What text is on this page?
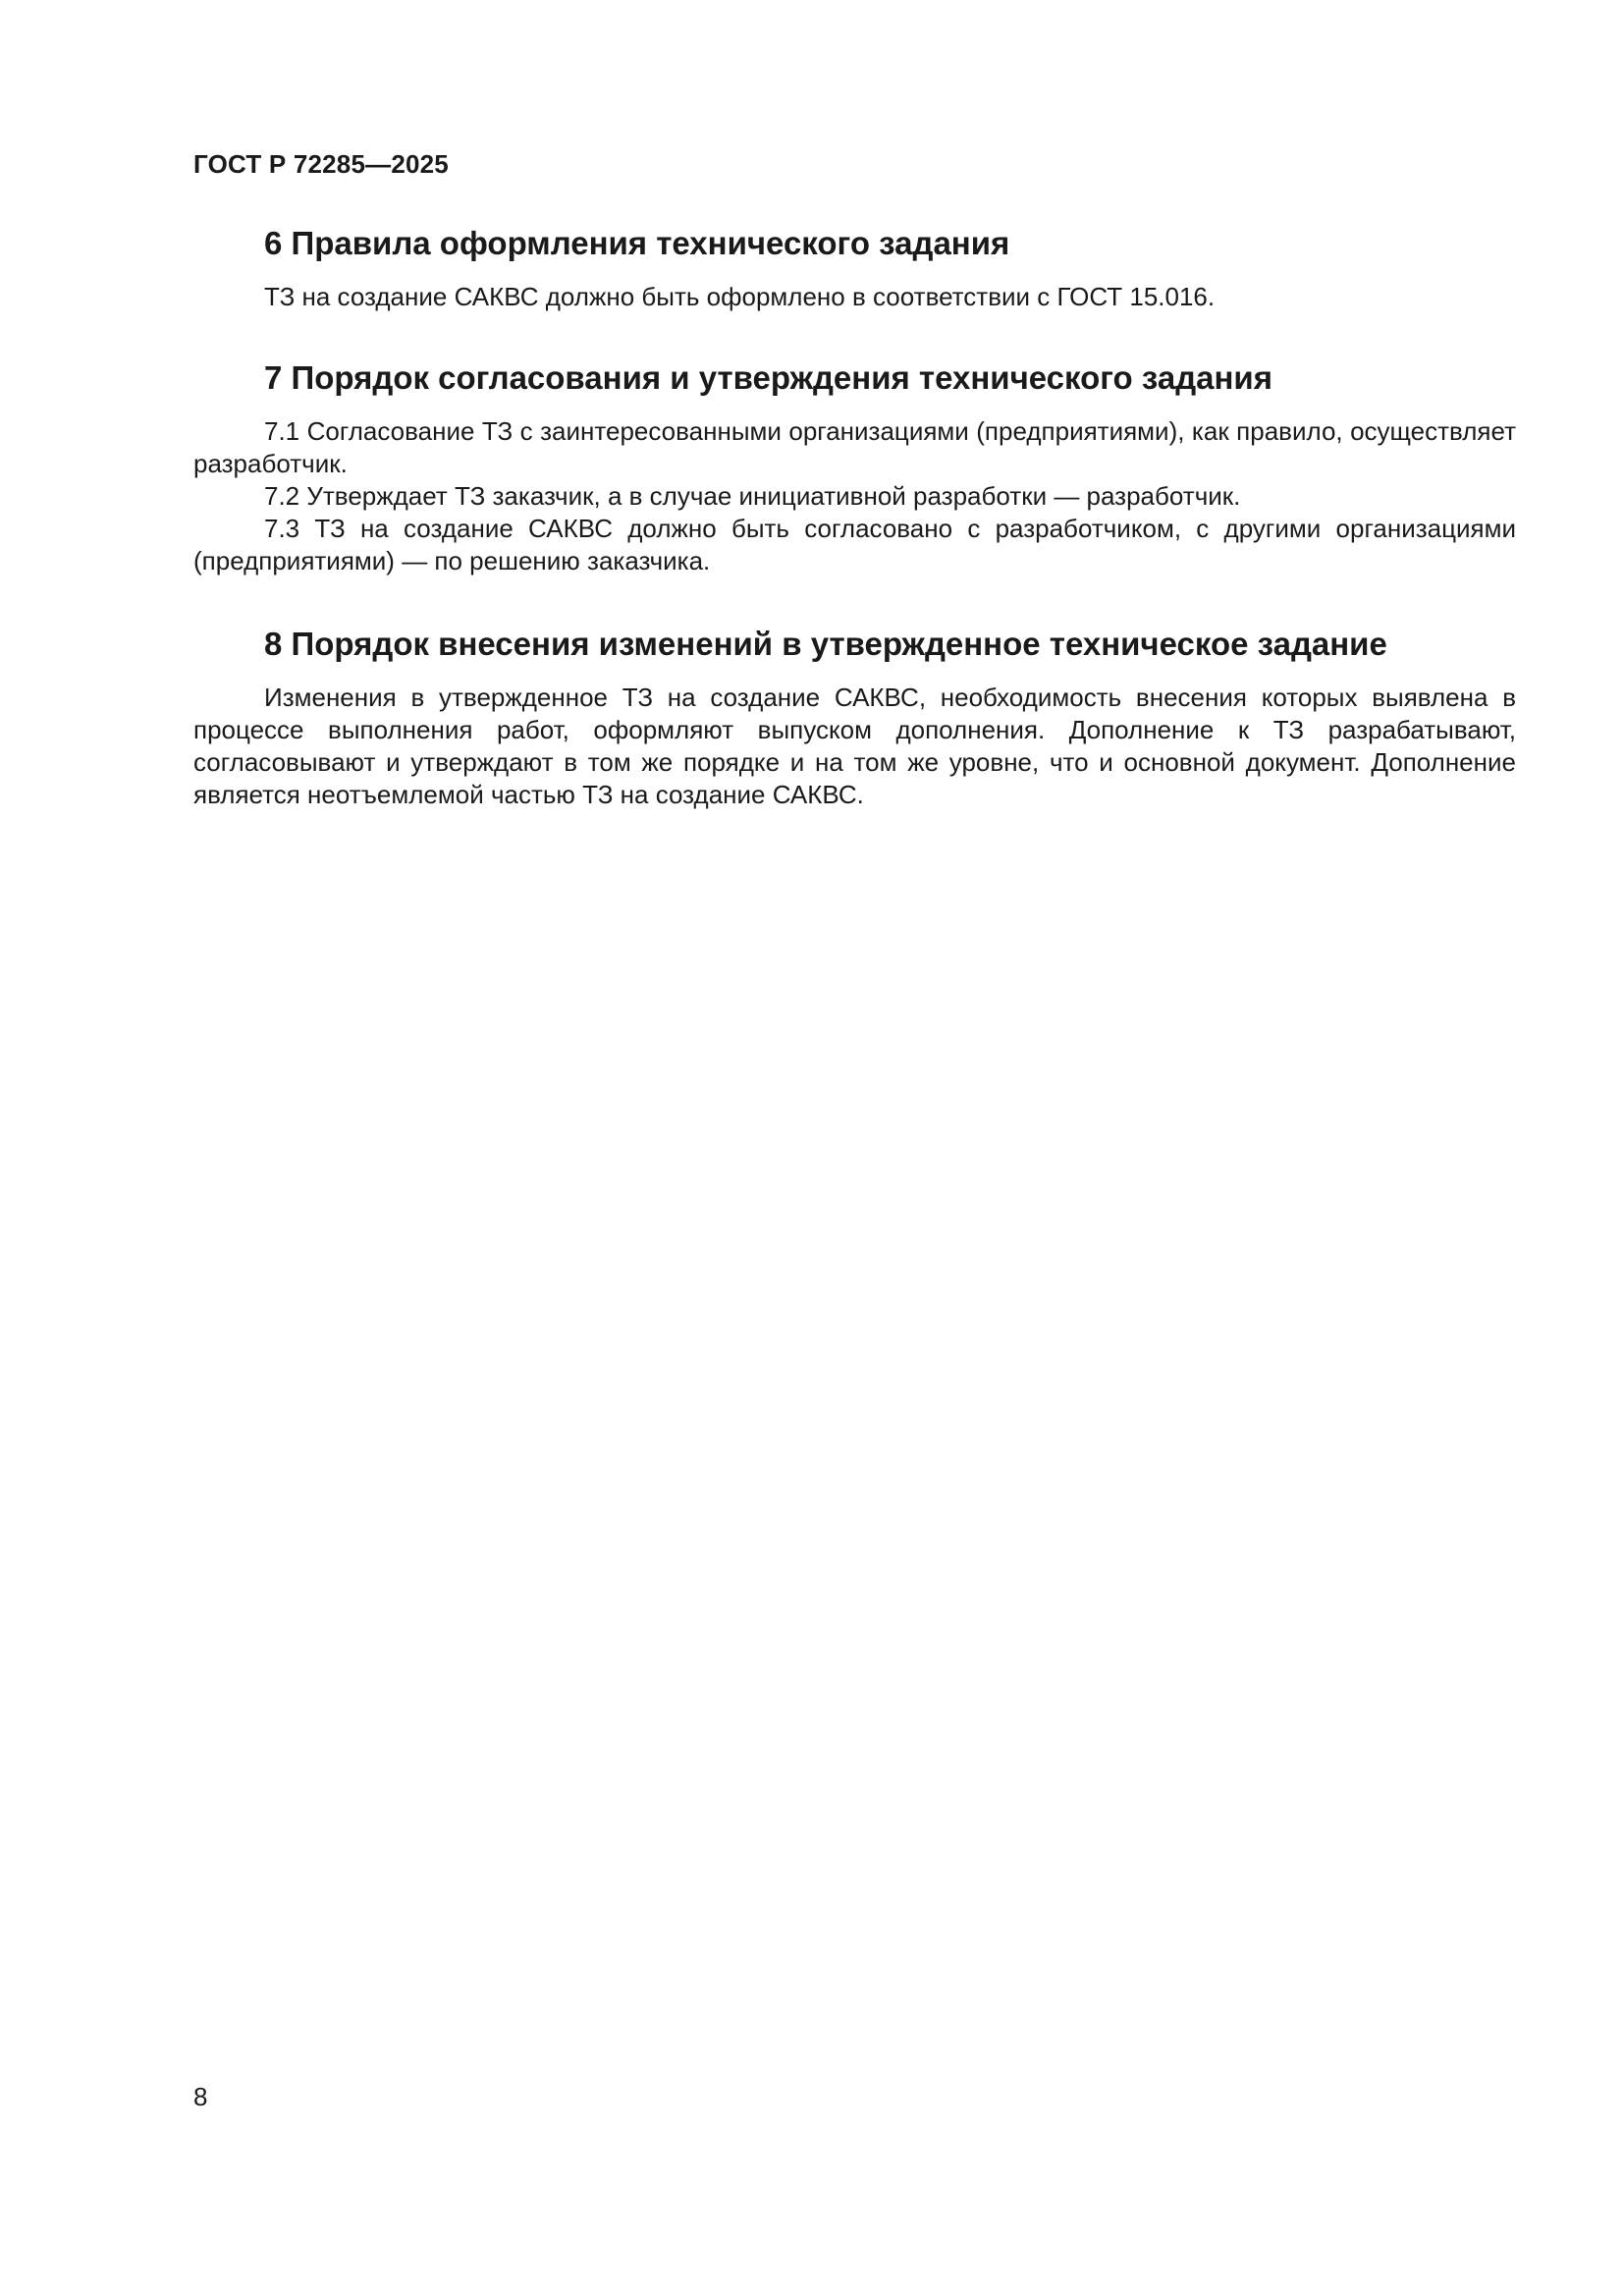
ГОСТ Р 72285—2025
6 Правила оформления технического задания

ТЗ на создание САКВС должно быть оформлено в соответствии с ГОСТ 15.016.

7 Порядок согласования и утверждения технического задания

7.1 Согласование ТЗ с заинтересованными организациями (предприятиями), как правило, осуществляет разработчик.

7.2 Утверждает ТЗ заказчик, а в случае инициативной разработки — разработчик.

7.3 ТЗ на создание САКВС должно быть согласовано с разработчиком, с другими организациями (предприятиями) — по решению заказчика.

8 Порядок внесения изменений в утвержденное техническое задание

Изменения в утвержденное ТЗ на создание САКВС, необходимость внесения которых выявлена в процессе выполнения работ, оформляют выпуском дополнения. Дополнение к ТЗ разрабатывают, согласовывают и утверждают в том же порядке и на том же уровне, что и основной документ. Дополнение является неотъемлемой частью ТЗ на создание САКВС.

8
